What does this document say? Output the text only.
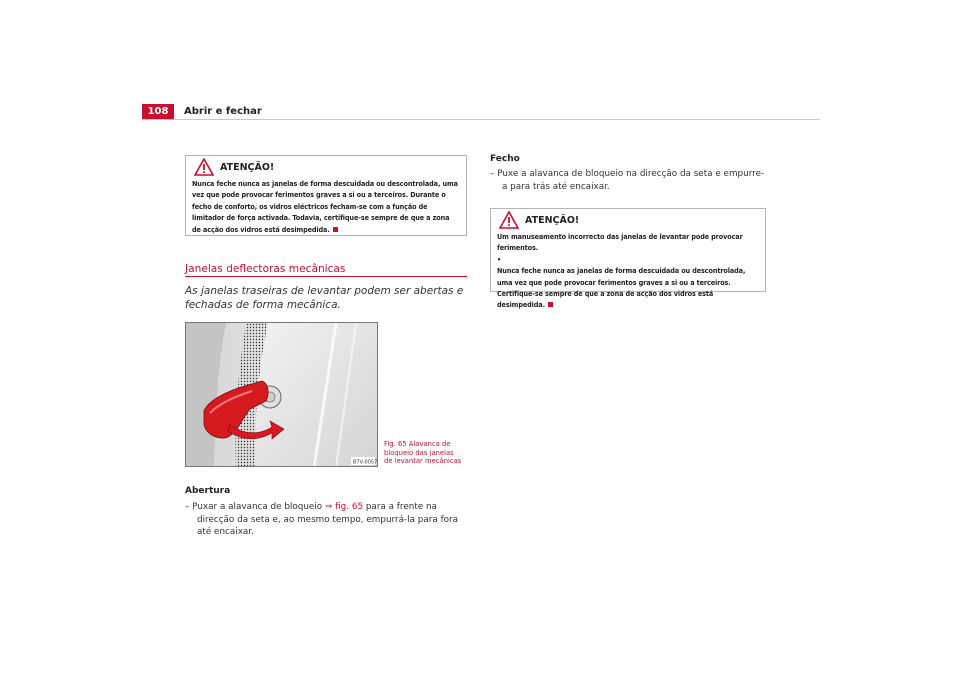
108	Abrir e fechar
ATENÇÃO!
Nunca feche nunca as janelas de forma descuidada ou descontrolada, uma vez que pode provocar ferimentos graves a si ou a terceiros. Durante o fecho de conforto, os vidros eléctricos fecham-se com a função de limitador de força activada. Todavia, certifique-se sempre de que a zona de acção dos vidros está desimpedida.
Janelas deflectoras mecânicas
As janelas traseiras de levantar podem ser abertas e fechadas de forma mecânica.
B7V-0057
Fig. 65 Alavanca de bloqueio das janelas de levantar mecânicas
Abertura
– Puxar a alavanca de bloqueio ⇒ fig. 65 para a frente na direcção da seta e, ao mesmo tempo, empurrá-la para fora até encaixar.
Fecho
– Puxe a alavanca de bloqueio na direcção da seta e empurre-a para trás até encaixar.
ATENÇÃO!
Um manuseamento incorrecto das janelas de levantar pode provocar ferimentos.
•
Nunca feche nunca as janelas de forma descuidada ou descontrolada, uma vez que pode provocar ferimentos graves a si ou a terceiros. Certifique-se sempre de que a zona de acção dos vidros está desimpedida.
